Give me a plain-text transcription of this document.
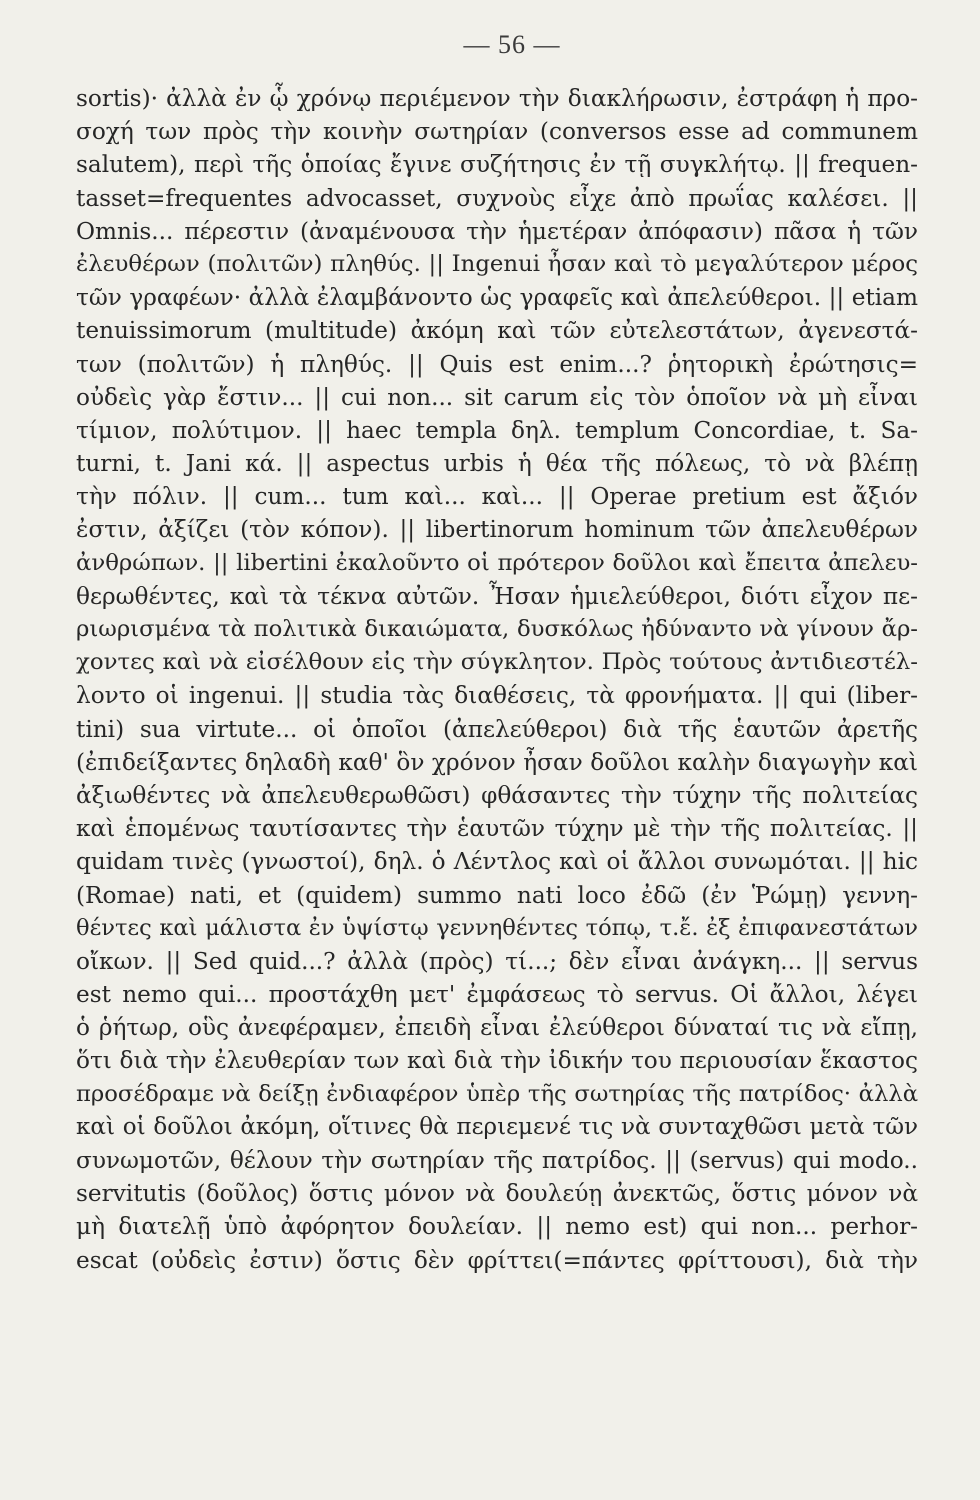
— 56 —
sortis)· ἀλλὰ ἐν ᾧ χρόνῳ περιέμενον τὴν διακλήρωσιν, ἐστράφη ἡ προ-
σοχή των πρὸς τὴν κοινὴν σωτηρίαν (conversos esse ad communem
salutem), περὶ τῆς ὁποίας ἔγινε συζήτησις ἐν τῇ συγκλήτῳ. || frequen-
tasset=frequentes advocasset, συχνοὺς εἶχε ἀπὸ πρωΐας καλέσει. ||
Omnis... πέρεστιν (ἀναμένουσα τὴν ἡμετέραν ἀπόφασιν) πᾶσα ἡ τῶν
ἐλευθέρων (πολιτῶν) πληθύς. || Ingenui ἦσαν καὶ τὸ μεγαλύτερον μέρος
τῶν γραφέων· ἀλλὰ ἐλαμβάνοντο ὡς γραφεῖς καὶ ἀπελεύθεροι. || etiam
tenuissimorum (multitude) ἀκόμη καὶ τῶν εὐτελεστάτων, ἀγενεστά-
των (πολιτῶν) ἡ πληθύς. || Quis est enim...? ῥητορικὴ ἐρώτησις=
οὐδεὶς γὰρ ἔστιν... || cui non... sit carum εἰς τὸν ὁποῖον νὰ μὴ εἶναι
τίμιον, πολύτιμον. || haec templa δηλ. templum Concordiae, t. Sa-
turni, t. Jani κά. || aspectus urbis ἡ θέα τῆς πόλεως, τὸ νὰ βλέπῃ
τὴν πόλιν. || cum... tum καὶ... καὶ... || Operae pretium est ἄξιόν
ἐστιν, ἀξίζει (τὸν κόπον). || libertinorum hominum τῶν ἀπελευθέρων
ἀνθρώπων. || libertini ἐκαλοῦντο οἱ πρότερον δοῦλοι καὶ ἔπειτα ἀπελευ-
θερωθέντες, καὶ τὰ τέκνα αὐτῶν. Ἦσαν ἡμιελεύθεροι, διότι εἶχον πε-
ριωρισμένα τὰ πολιτικὰ δικαιώματα, δυσκόλως ἠδύναντο νὰ γίνουν ἄρ-
χοντες καὶ νὰ εἰσέλθουν εἰς τὴν σύγκλητον. Πρὸς τούτους ἀντιδιεστέλ-
λοντο οἱ ingenui. || studia τὰς διαθέσεις, τὰ φρονήματα. || qui (liber-
tini) sua virtute... οἱ ὁποῖοι (ἀπελεύθεροι) διὰ τῆς ἑαυτῶν ἀρετῆς
(ἐπιδείξαντες δηλαδὴ καθ' ὃν χρόνον ἦσαν δοῦλοι καλὴν διαγωγὴν καὶ
ἀξιωθέντες νὰ ἀπελευθερωθῶσι) φθάσαντες τὴν τύχην τῆς πολιτείας
καὶ ἑπομένως ταυτίσαντες τὴν ἑαυτῶν τύχην μὲ τὴν τῆς πολιτείας. ||
quidam τινὲς (γνωστοί), δηλ. ὁ Λέντλος καὶ οἱ ἄλλοι συνωμόται. || hic
(Romae) nati, et (quidem) summo nati loco ἐδῶ (ἐν Ῥώμῃ) γεννη-
θέντες καὶ μάλιστα ἐν ὑψίστῳ γεννηθέντες τόπῳ, τ.ἔ. ἐξ ἐπιφανεστάτων
οἴκων. || Sed quid...? ἀλλὰ (πρὸς) τί...; δὲν εἶναι ἀνάγκη... || servus
est nemo qui... προστάχθη μετ' ἐμφάσεως τὸ servus. Οἱ ἄλλοι, λέγει
ὁ ῥήτωρ, οὓς ἀνεφέραμεν, ἐπειδὴ εἶναι ἐλεύθεροι δύναταί τις νὰ εἴπῃ,
ὅτι διὰ τὴν ἐλευθερίαν των καὶ διὰ τὴν ἰδικήν του περιουσίαν ἕκαστος
προσέδραμε νὰ δείξῃ ἐνδιαφέρον ὑπὲρ τῆς σωτηρίας τῆς πατρίδος· ἀλλὰ
καὶ οἱ δοῦλοι ἀκόμη, οἵτινες θὰ περιεμενέ τις νὰ συνταχθῶσι μετὰ τῶν
συνωμοτῶν, θέλουν τὴν σωτηρίαν τῆς πατρίδος. || (servus) qui modo..
servitutis (δοῦλος) ὅστις μόνον νὰ δουλεύῃ ἀνεκτῶς, ὅστις μόνον νὰ
μὴ διατελῇ ὑπὸ ἀφόρητον δουλείαν. || nemo est) qui non... perhor-
escat (οὐδεὶς ἐστιν) ὅστις δὲν φρίττει(=πάντες φρίττουσι), διὰ τὴν
